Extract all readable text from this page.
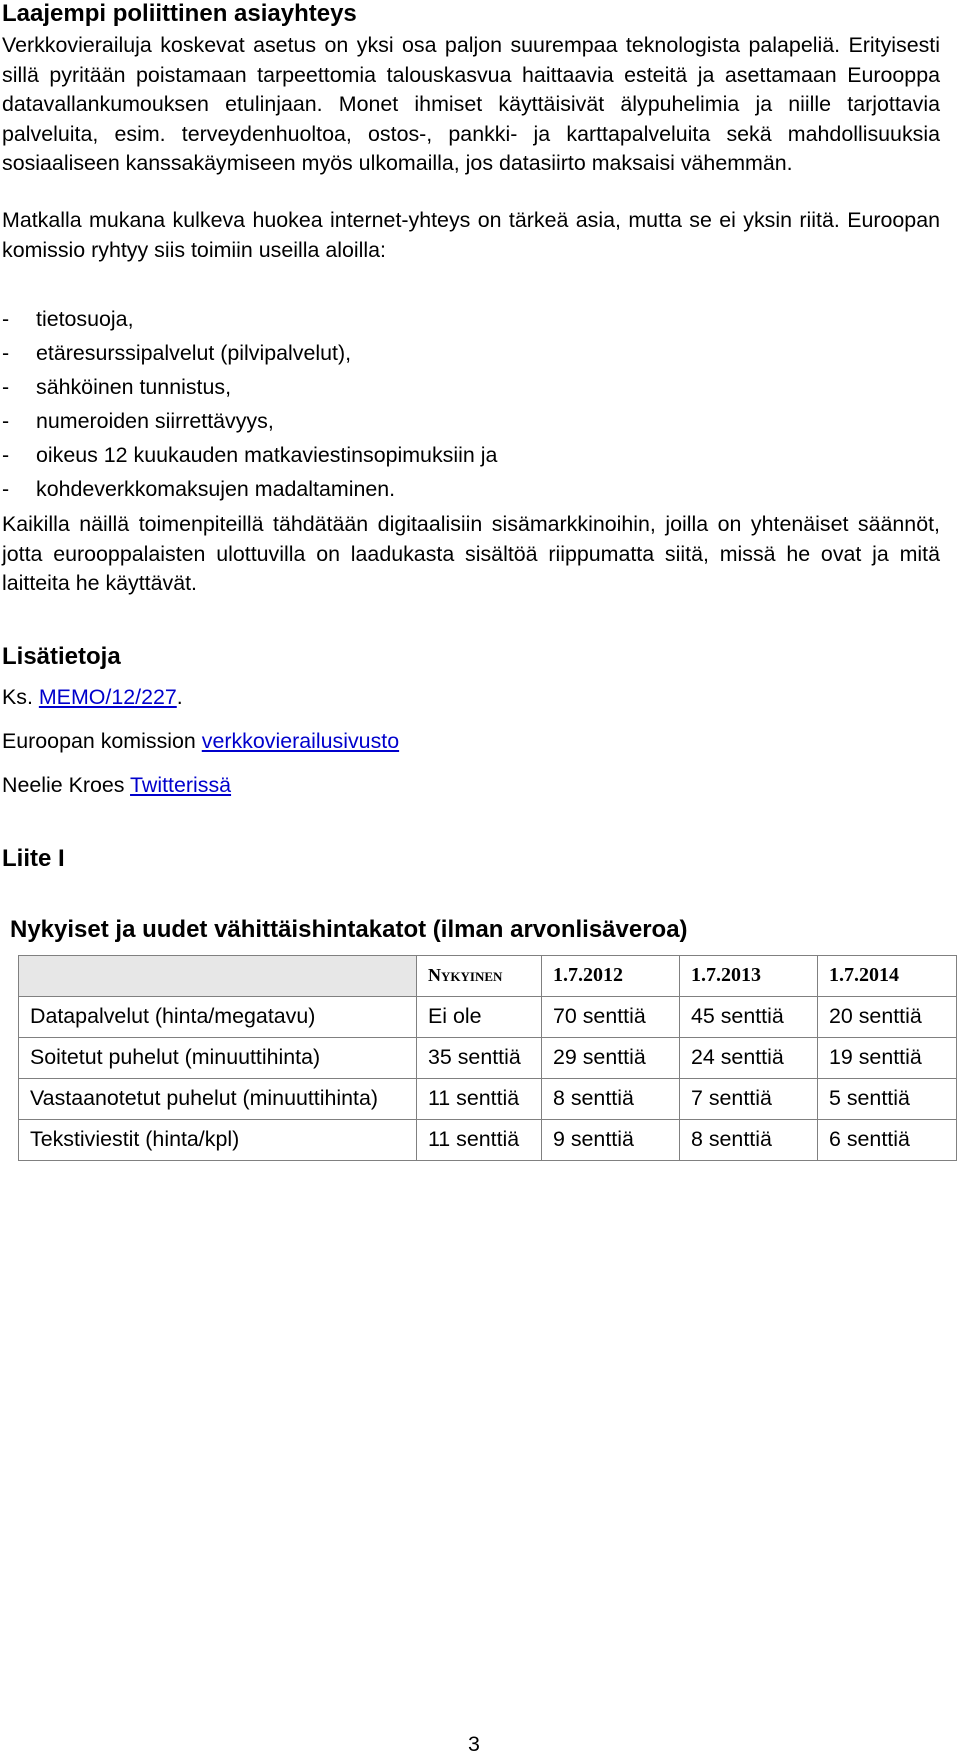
Laajempi poliittinen asiayhteys

Verkkovierailuja koskevat asetus on yksi osa paljon suurempaa teknologista palapeliä. Erityisesti sillä pyritään poistamaan tarpeettomia talouskasvua haittaavia esteitä ja asettamaan Eurooppa datavallankumouksen etulinjaan. Monet ihmiset käyttäisivät älypuhelimia ja niille tarjottavia palveluita, esim. terveydenhuoltoa, ostos-, pankki- ja karttapalveluita sekä mahdollisuuksia sosiaaliseen kanssakäymiseen myös ulkomailla, jos datasiirto maksaisi vähemmän.

Matkalla mukana kulkeva huokea internet-yhteys on tärkeä asia, mutta se ei yksin riitä. Euroopan komissio ryhtyy siis toimiin useilla aloilla:

-	tietosuoja,
-	etäresurssipalvelut (pilvipalvelut),
-	sähköinen tunnistus,
-	numeroiden siirrettävyys,
-	oikeus 12 kuukauden matkaviestinsopimuksiin ja
-	kohdeverkkomaksujen madaltaminen.

Kaikilla näillä toimenpiteillä tähdätään digitaalisiin sisämarkkinoihin, joilla on yhtenäiset säännöt, jotta eurooppalaisten ulottuvilla on laadukasta sisältöä riippumatta siitä, missä he ovat ja mitä laitteita he käyttävät.

Lisätietoja

Ks. MEMO/12/227.

Euroopan komission verkkovierailusivusto

Neelie Kroes Twitterissä

Liite I
Nykyiset ja uudet vähittäishintakatot (ilman arvonlisäveroa)
	Nykyinen	1.7.2012	1.7.2013	1.7.2014
Datapalvelut (hinta/megatavu)	Ei ole	70 senttiä	45 senttiä	20 senttiä
Soitetut puhelut (minuuttihinta)	35 senttiä	29 senttiä	24 senttiä	19 senttiä
Vastaanotetut puhelut (minuuttihinta)	11 senttiä	8 senttiä	7 senttiä	5 senttiä
Tekstiviestit (hinta/kpl)	11 senttiä	9 senttiä	8 senttiä	6 senttiä

3
